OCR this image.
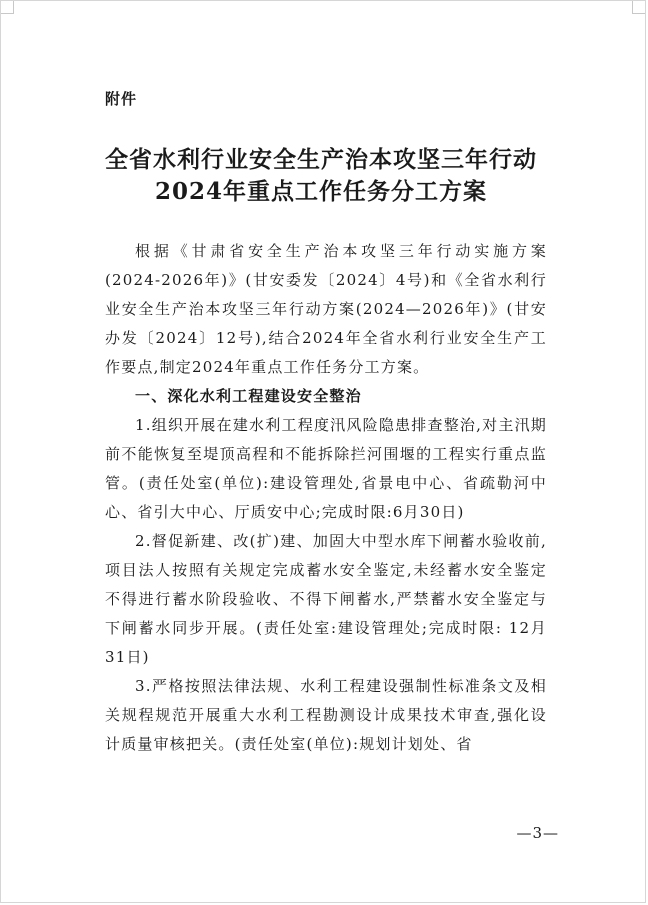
附件
全省水利行业安全生产治本攻坚三年行动
2024年重点工作任务分工方案

根据《甘肃省安全生产治本攻坚三年行动实施方案(2024-2026年)》(甘安委发〔2024〕4号)和《全省水利行业安全生产治本攻坚三年行动方案(2024—2026年)》(甘安办发〔2024〕12号),结合2024年全省水利行业安全生产工作要点,制定2024年重点工作任务分工方案。

一、深化水利工程建设安全整治

1.组织开展在建水利工程度汛风险隐患排查整治,对主汛期前不能恢复至堤顶高程和不能拆除拦河围堰的工程实行重点监管。(责任处室(单位):建设管理处,省景电中心、省疏勒河中心、省引大中心、厅质安中心;完成时限:6月30日)

2.督促新建、改(扩)建、加固大中型水库下闸蓄水验收前,项目法人按照有关规定完成蓄水安全鉴定,未经蓄水安全鉴定不得进行蓄水阶段验收、不得下闸蓄水,严禁蓄水安全鉴定与下闸蓄水同步开展。(责任处室:建设管理处;完成时限: 12月31日)

3.严格按照法律法规、水利工程建设强制性标准条文及相关规程规范开展重大水利工程勘测设计成果技术审查,强化设计质量审核把关。(责任处室(单位):规划计划处、省

—3—
